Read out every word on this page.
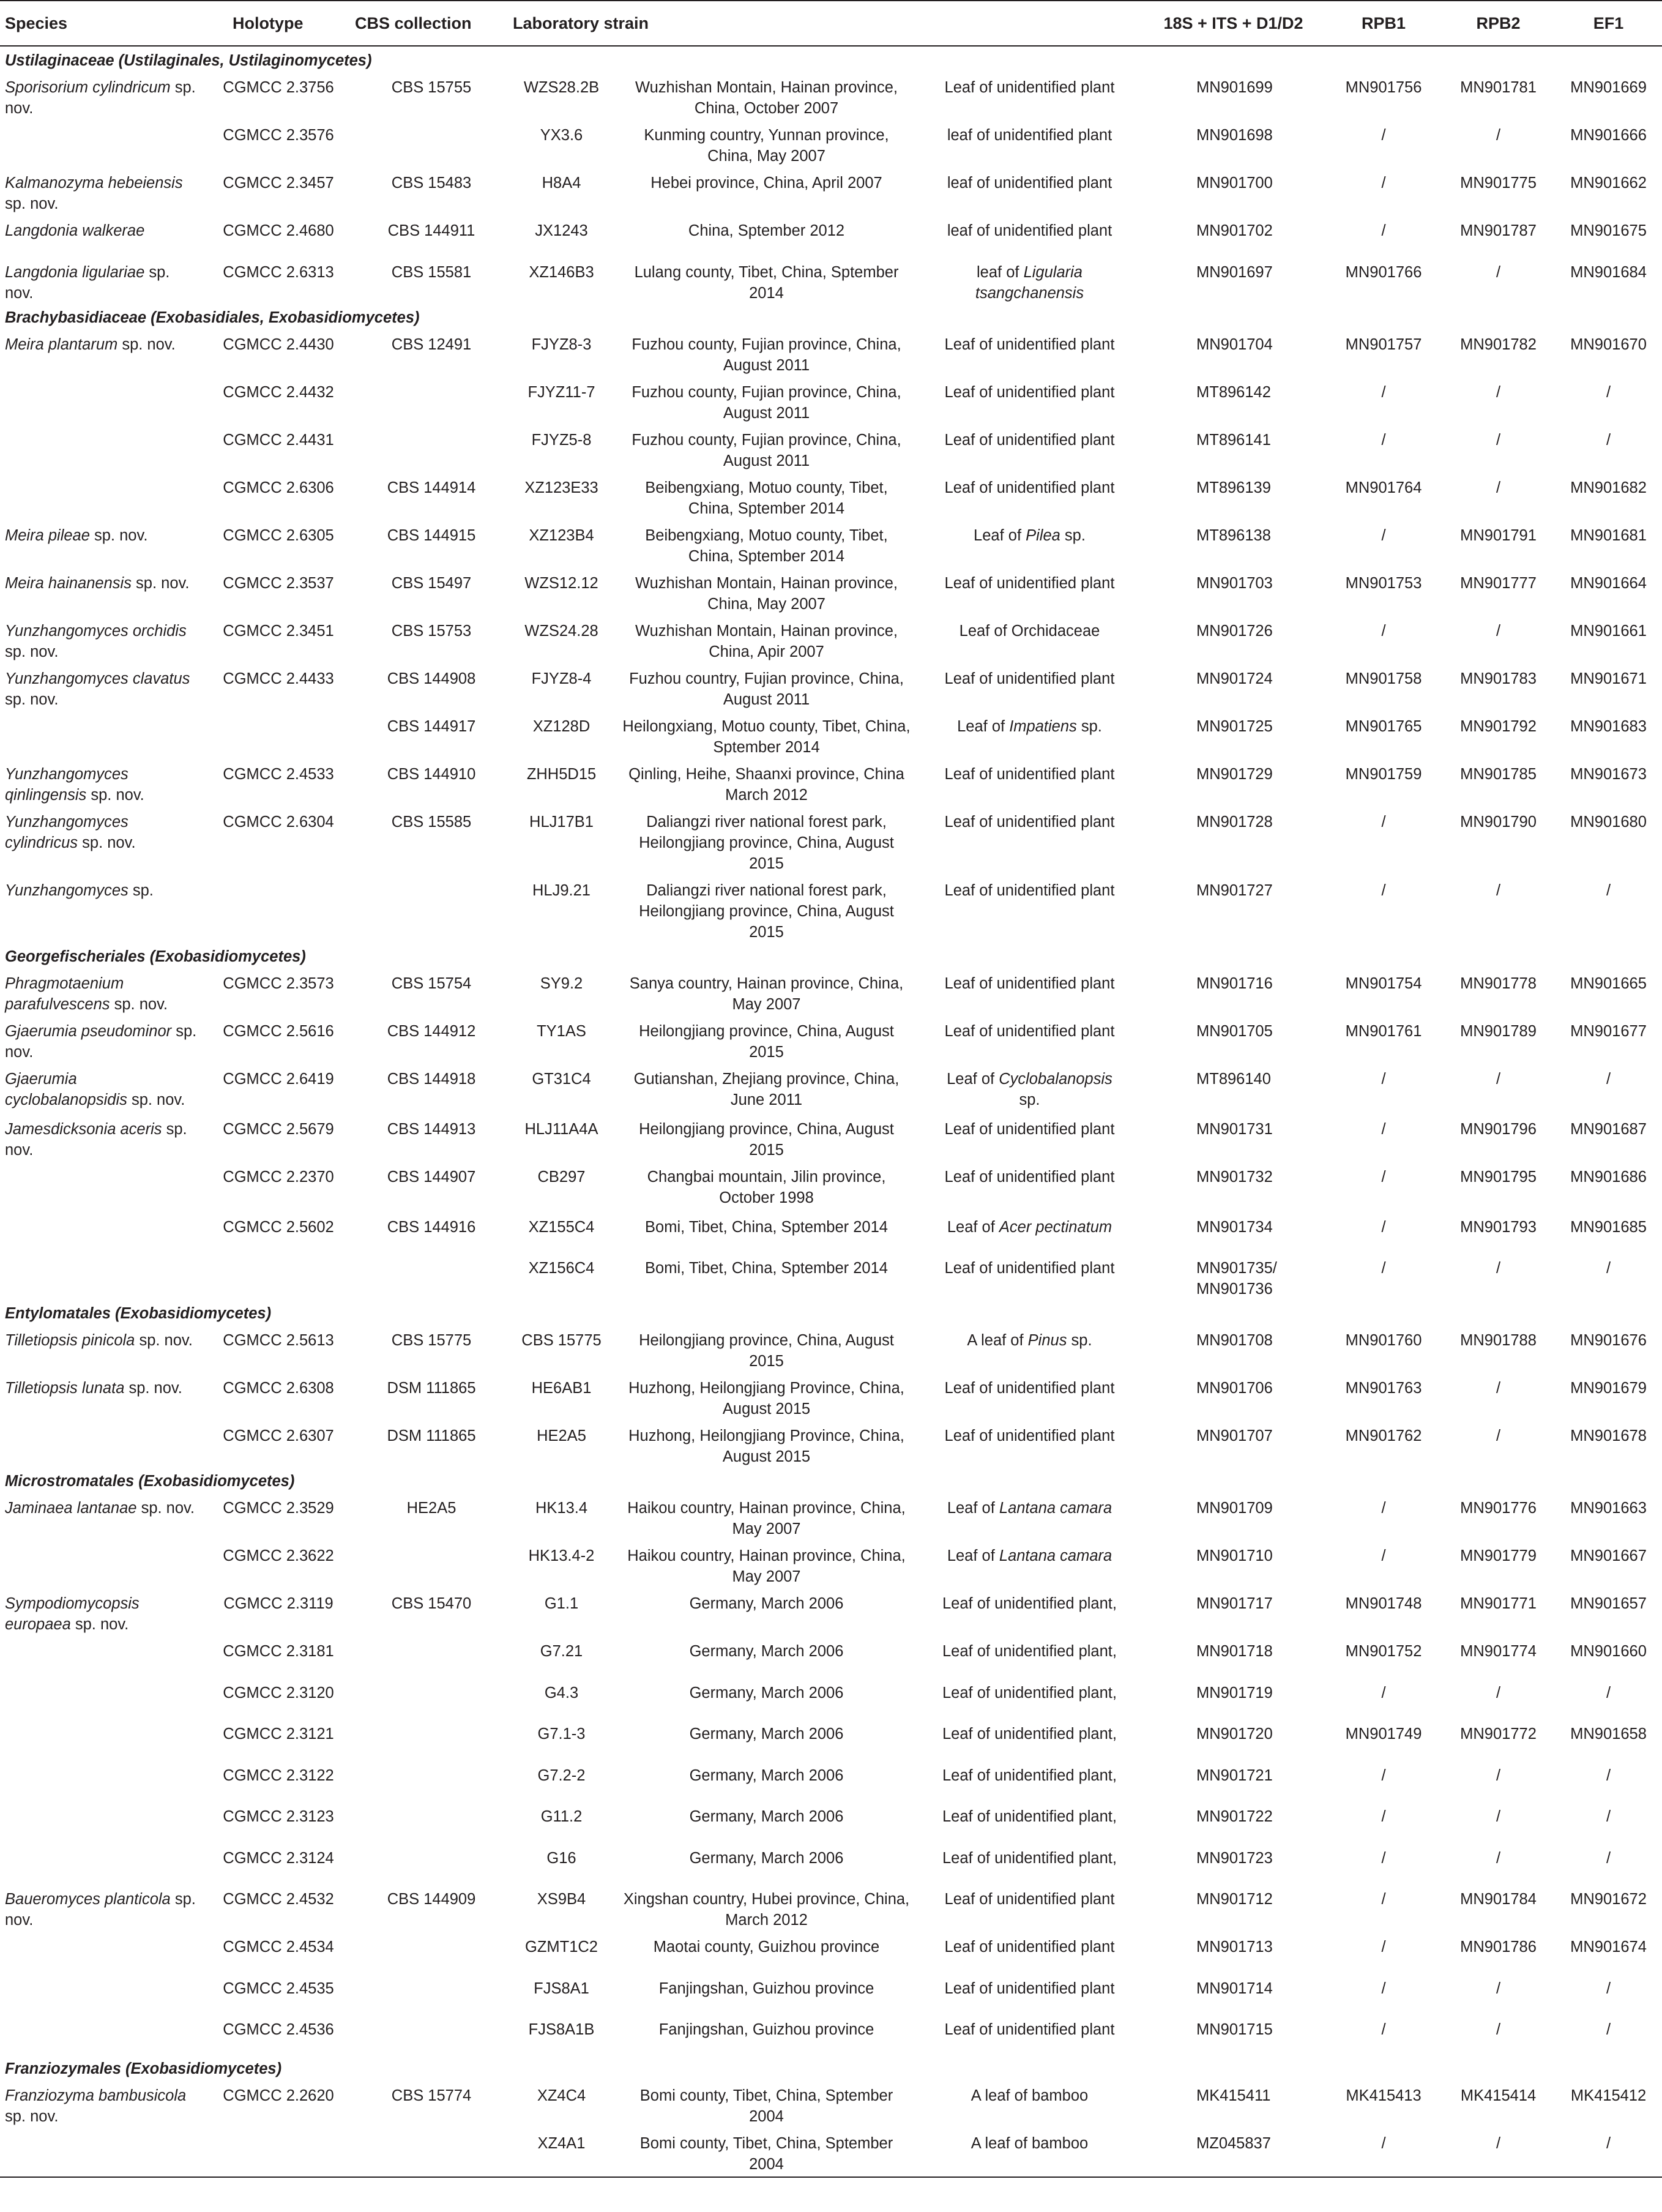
Species	Holotype	CBS collection	Laboratory strain			18S + ITS + D1/D2	RPB1	RPB2	EF1
Ustilaginaceae (Ustilaginales, Ustilaginomycetes)									
Sporisorium cylindricum sp. nov.	CGMCC 2.3756	CBS 15755	WZS28.2B	Wuzhishan Montain, Hainan province, China, October 2007	Leaf of unidentified plant	MN901699	MN901756	MN901781	MN901669
	CGMCC 2.3576		YX3.6	Kunming country, Yunnan province, China, May 2007	leaf of unidentified plant	MN901698	/	/	MN901666
Kalmanozyma hebeiensis sp. nov.	CGMCC 2.3457	CBS 15483	H8A4	Hebei province, China, April 2007	leaf of unidentified plant	MN901700	/	MN901775	MN901662
Langdonia walkerae	CGMCC 2.4680	CBS 144911	JX1243	China, Sptember 2012	leaf of unidentified plant	MN901702	/	MN901787	MN901675
Langdonia ligulariae sp. nov.	CGMCC 2.6313	CBS 15581	XZ146B3	Lulang county, Tibet, China, Sptember 2014	leaf of Ligularia tsangchanensis	MN901697	MN901766	/	MN901684
Brachybasidiaceae (Exobasidiales, Exobasidiomycetes)									
Meira plantarum sp. nov.	CGMCC 2.4430	CBS 12491	FJYZ8-3	Fuzhou county, Fujian province, China, August 2011	Leaf of unidentified plant	MN901704	MN901757	MN901782	MN901670
	CGMCC 2.4432		FJYZ11-7	Fuzhou county, Fujian province, China, August 2011	Leaf of unidentified plant	MT896142	/	/	/
	CGMCC 2.4431		FJYZ5-8	Fuzhou county, Fujian province, China, August 2011	Leaf of unidentified plant	MT896141	/	/	/
	CGMCC 2.6306	CBS 144914	XZ123E33	Beibengxiang, Motuo county, Tibet, China, Sptember 2014	Leaf of unidentified plant	MT896139	MN901764	/	MN901682
Meira pileae sp. nov.	CGMCC 2.6305	CBS 144915	XZ123B4	Beibengxiang, Motuo county, Tibet, China, Sptember 2014	Leaf of Pilea sp.	MT896138	/	MN901791	MN901681
Meira hainanensis sp. nov.	CGMCC 2.3537	CBS 15497	WZS12.12	Wuzhishan Montain, Hainan province, China, May 2007	Leaf of unidentified plant	MN901703	MN901753	MN901777	MN901664
Yunzhangomyces orchidis sp. nov.	CGMCC 2.3451	CBS 15753	WZS24.28	Wuzhishan Montain, Hainan province, China, Apir 2007	Leaf of Orchidaceae	MN901726	/	/	MN901661
Yunzhangomyces clavatus sp. nov.	CGMCC 2.4433	CBS 144908	FJYZ8-4	Fuzhou country, Fujian province, China, August 2011	Leaf of unidentified plant	MN901724	MN901758	MN901783	MN901671
		CBS 144917	XZ128D	Heilongxiang, Motuo county, Tibet, China, Sptember 2014	Leaf of Impatiens sp.	MN901725	MN901765	MN901792	MN901683
Yunzhangomyces qinlingensis sp. nov.	CGMCC 2.4533	CBS 144910	ZHH5D15	Qinling, Heihe, Shaanxi province, China March 2012	Leaf of unidentified plant	MN901729	MN901759	MN901785	MN901673
Yunzhangomyces cylindricus sp. nov.	CGMCC 2.6304	CBS 15585	HLJ17B1	Daliangzi river national forest park, Heilongjiang province, China, August 2015	Leaf of unidentified plant	MN901728	/	MN901790	MN901680
Yunzhangomyces sp.			HLJ9.21	Daliangzi river national forest park, Heilongjiang province, China, August 2015	Leaf of unidentified plant	MN901727	/	/	/
Georgefischeriales (Exobasidiomycetes)									
Phragmotaenium parafulvescens sp. nov.	CGMCC 2.3573	CBS 15754	SY9.2	Sanya country, Hainan province, China, May 2007	Leaf of unidentified plant	MN901716	MN901754	MN901778	MN901665
Gjaerumia pseudominor sp. nov.	CGMCC 2.5616	CBS 144912	TY1AS	Heilongjiang province, China, August 2015	Leaf of unidentified plant	MN901705	MN901761	MN901789	MN901677
Gjaerumia cyclobalanopsidis sp. nov.	CGMCC 2.6419	CBS 144918	GT31C4	Gutianshan, Zhejiang province, China, June 2011	Leaf of Cyclobalanopsis sp.	MT896140	/	/	/
Jamesdicksonia aceris sp. nov.	CGMCC 2.5679	CBS 144913	HLJ11A4A	Heilongjiang province, China, August 2015	Leaf of unidentified plant	MN901731	/	MN901796	MN901687
	CGMCC 2.2370	CBS 144907	CB297	Changbai mountain, Jilin province, October 1998	Leaf of unidentified plant	MN901732	/	MN901795	MN901686
	CGMCC 2.5602	CBS 144916	XZ155C4	Bomi, Tibet, China, Sptember 2014	Leaf of Acer pectinatum	MN901734	/	MN901793	MN901685
			XZ156C4	Bomi, Tibet, China, Sptember 2014	Leaf of unidentified plant	MN901735/ MN901736	/	/	/
Entylomatales (Exobasidiomycetes)									
Tilletiopsis pinicola sp. nov.	CGMCC 2.5613	CBS 15775	CBS 15775	Heilongjiang province, China, August 2015	A leaf of Pinus sp.	MN901708	MN901760	MN901788	MN901676
Tilletiopsis lunata sp. nov.	CGMCC 2.6308	DSM 111865	HE6AB1	Huzhong, Heilongjiang Province, China, August 2015	Leaf of unidentified plant	MN901706	MN901763	/	MN901679
	CGMCC 2.6307	DSM 111865	HE2A5	Huzhong, Heilongjiang Province, China, August 2015	Leaf of unidentified plant	MN901707	MN901762	/	MN901678
Microstromatales (Exobasidiomycetes)									
Jaminaea lantanae sp. nov.	CGMCC 2.3529	HE2A5	HK13.4	Haikou country, Hainan province, China, May 2007	Leaf of Lantana camara	MN901709	/	MN901776	MN901663
	CGMCC 2.3622		HK13.4-2	Haikou country, Hainan province, China, May 2007	Leaf of Lantana camara	MN901710	/	MN901779	MN901667
Sympodiomycopsis europaea sp. nov.	CGMCC 2.3119	CBS 15470	G1.1	Germany, March 2006	Leaf of unidentified plant,	MN901717	MN901748	MN901771	MN901657
	CGMCC 2.3181		G7.21	Germany, March 2006	Leaf of unidentified plant,	MN901718	MN901752	MN901774	MN901660
	CGMCC 2.3120		G4.3	Germany, March 2006	Leaf of unidentified plant,	MN901719	/	/	/
	CGMCC 2.3121		G7.1-3	Germany, March 2006	Leaf of unidentified plant,	MN901720	MN901749	MN901772	MN901658
	CGMCC 2.3122		G7.2-2	Germany, March 2006	Leaf of unidentified plant,	MN901721	/	/	/
	CGMCC 2.3123		G11.2	Germany, March 2006	Leaf of unidentified plant,	MN901722	/	/	/
	CGMCC 2.3124		G16	Germany, March 2006	Leaf of unidentified plant,	MN901723	/	/	/
Baueromyces planticola sp. nov.	CGMCC 2.4532	CBS 144909	XS9B4	Xingshan country, Hubei province, China, March 2012	Leaf of unidentified plant	MN901712	/	MN901784	MN901672
	CGMCC 2.4534		GZMT1C2	Maotai county, Guizhou province	Leaf of unidentified plant	MN901713	/	MN901786	MN901674
	CGMCC 2.4535		FJS8A1	Fanjingshan, Guizhou province	Leaf of unidentified plant	MN901714	/	/	/
	CGMCC 2.4536		FJS8A1B	Fanjingshan, Guizhou province	Leaf of unidentified plant	MN901715	/	/	/
Franziozymales (Exobasidiomycetes)									
Franziozyma bambusicola sp. nov.	CGMCC 2.2620	CBS 15774	XZ4C4	Bomi county, Tibet, China, Sptember 2004	A leaf of bamboo	MK415411	MK415413	MK415414	MK415412
			XZ4A1	Bomi county, Tibet, China, Sptember 2004	A leaf of bamboo	MZ045837	/	/	/
